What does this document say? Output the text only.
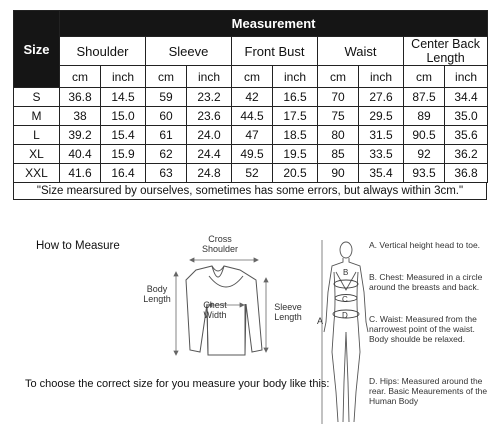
Size	Measurement									
	Shoulder		Sleeve		Front Bust		Waist		Center Back Length	
	cm	inch	cm	inch	cm	inch	cm	inch	cm	inch
S	36.8	14.5	59	23.2	42	16.5	70	27.6	87.5	34.4
M	38	15.0	60	23.6	44.5	17.5	75	29.5	89	35.0
L	39.2	15.4	61	24.0	47	18.5	80	31.5	90.5	35.6
XL	40.4	15.9	62	24.4	49.5	19.5	85	33.5	92	36.2
XXL	41.6	16.4	63	24.8	52	20.5	90	35.4	93.5	36.8
"Size mearsured by ourselves, sometimes has some errors, but always within 3cm."
A
B
C
D
How to Measure
Cross Shoulder
Body Length
Chest Width
Sleeve Length
To choose the correct size for you measure your body like this:
A. Vertical height head to toe.
B. Chest: Measured in a circle around the breasts and back.
C. Waist: Measured from the narrowest point of the waist. Body shoulde be relaxed.
D. Hips: Measured around the rear. Basic Meaurements of the Human Body
